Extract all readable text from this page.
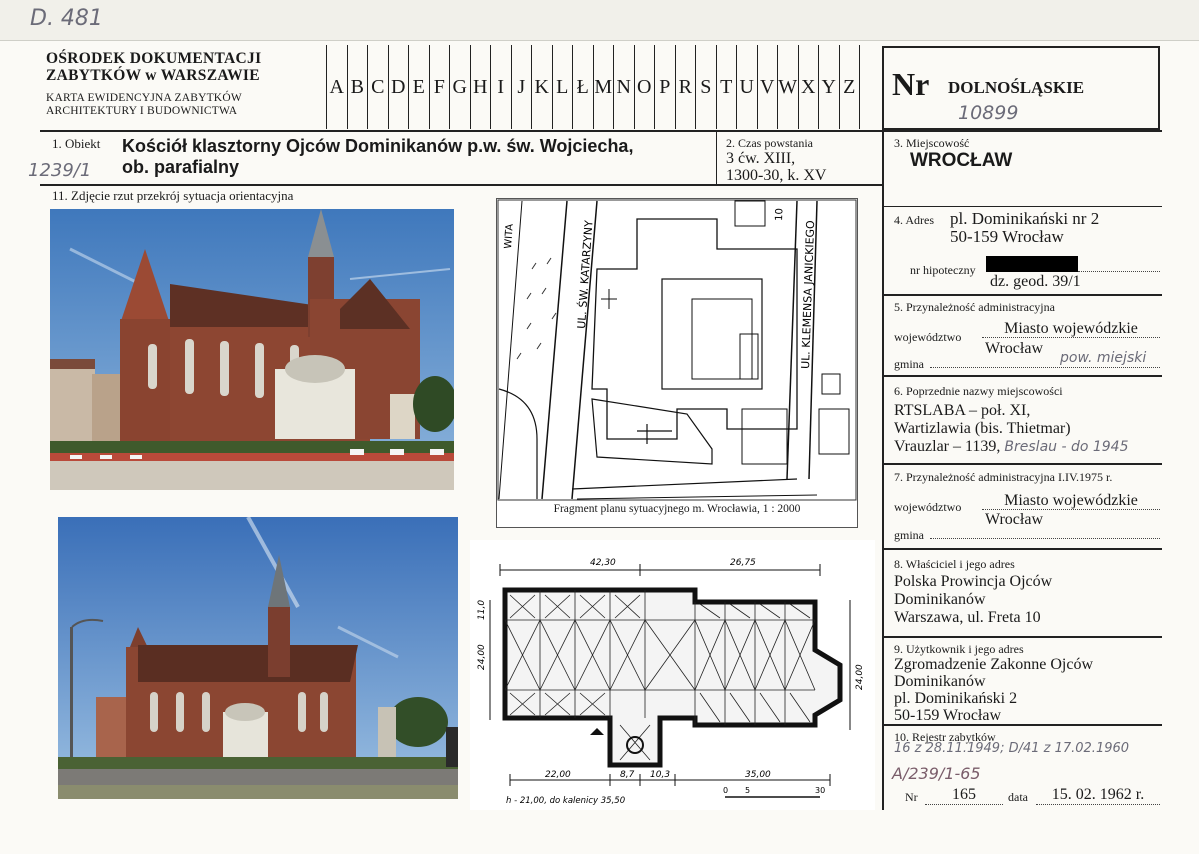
D. 481
OŚRODEK DOKUMENTACJI
ZABYTKÓW w WARSZAWIE
KARTA EWIDENCYJNA ZABYTKÓW
ARCHITEKTURY I BUDOWNICTWA
A B C D E F G H I J K L Ł M N O P R S T U V W X Y Z Nr DOLNOŚLĄSKIE
10899
1. Obiekt
1239/1
Kościół klasztorny Ojców Dominikanów p.w. św. Wojciecha,
ob. parafialny
2. Czas powstania
3 ćw. XIII,
1300-30, k. XV
3. Miejscowość
WROCŁAW
11. Zdjęcie rzut przekrój sytuacja orientacyjna
UL. ŚW. KATARZYNY	UL. KLEMENSA JANICKIEGO
WITA
10
Fragment planu sytuacyjnego m. Wrocławia, 1 : 2000
42,30	26,75
11,0
24,00
24,00
22,00	8,7 10,3	35,00
h - 21,00, do kalenicy 35,50
0 5	30
4. Adres pl. Dominikański nr 2
50-159 Wrocław
nr hipoteczny
dz. geod. 39/1
5. Przynależność administracyjna
województwo	Miasto wojewódzkie
Wrocław
gmina	pow. miejski
6. Poprzednie nazwy miejscowości
RTSLABA – poł. XI,
Wartizlawia (bis. Thietmar)
Vrauzlar – 1139, Breslau - do 1945
7. Przynależność administracyjna I.IV.1975 r.
województwo	Miasto wojewódzkie
Wrocław
gmina
8. Właściciel i jego adres
Polska Prowincja Ojców
Dominikanów
Warszawa, ul. Freta 10
9. Użytkownik i jego adres
Zgromadzenie Zakonne Ojców
Dominikanów
pl. Dominikański 2
50-159 Wrocław
10. Rejestr zabytków
16 z 28.11.1949; D/41 z 17.02.1960
A/239/1-65
Nr	165	data	15. 02. 1962 r.
